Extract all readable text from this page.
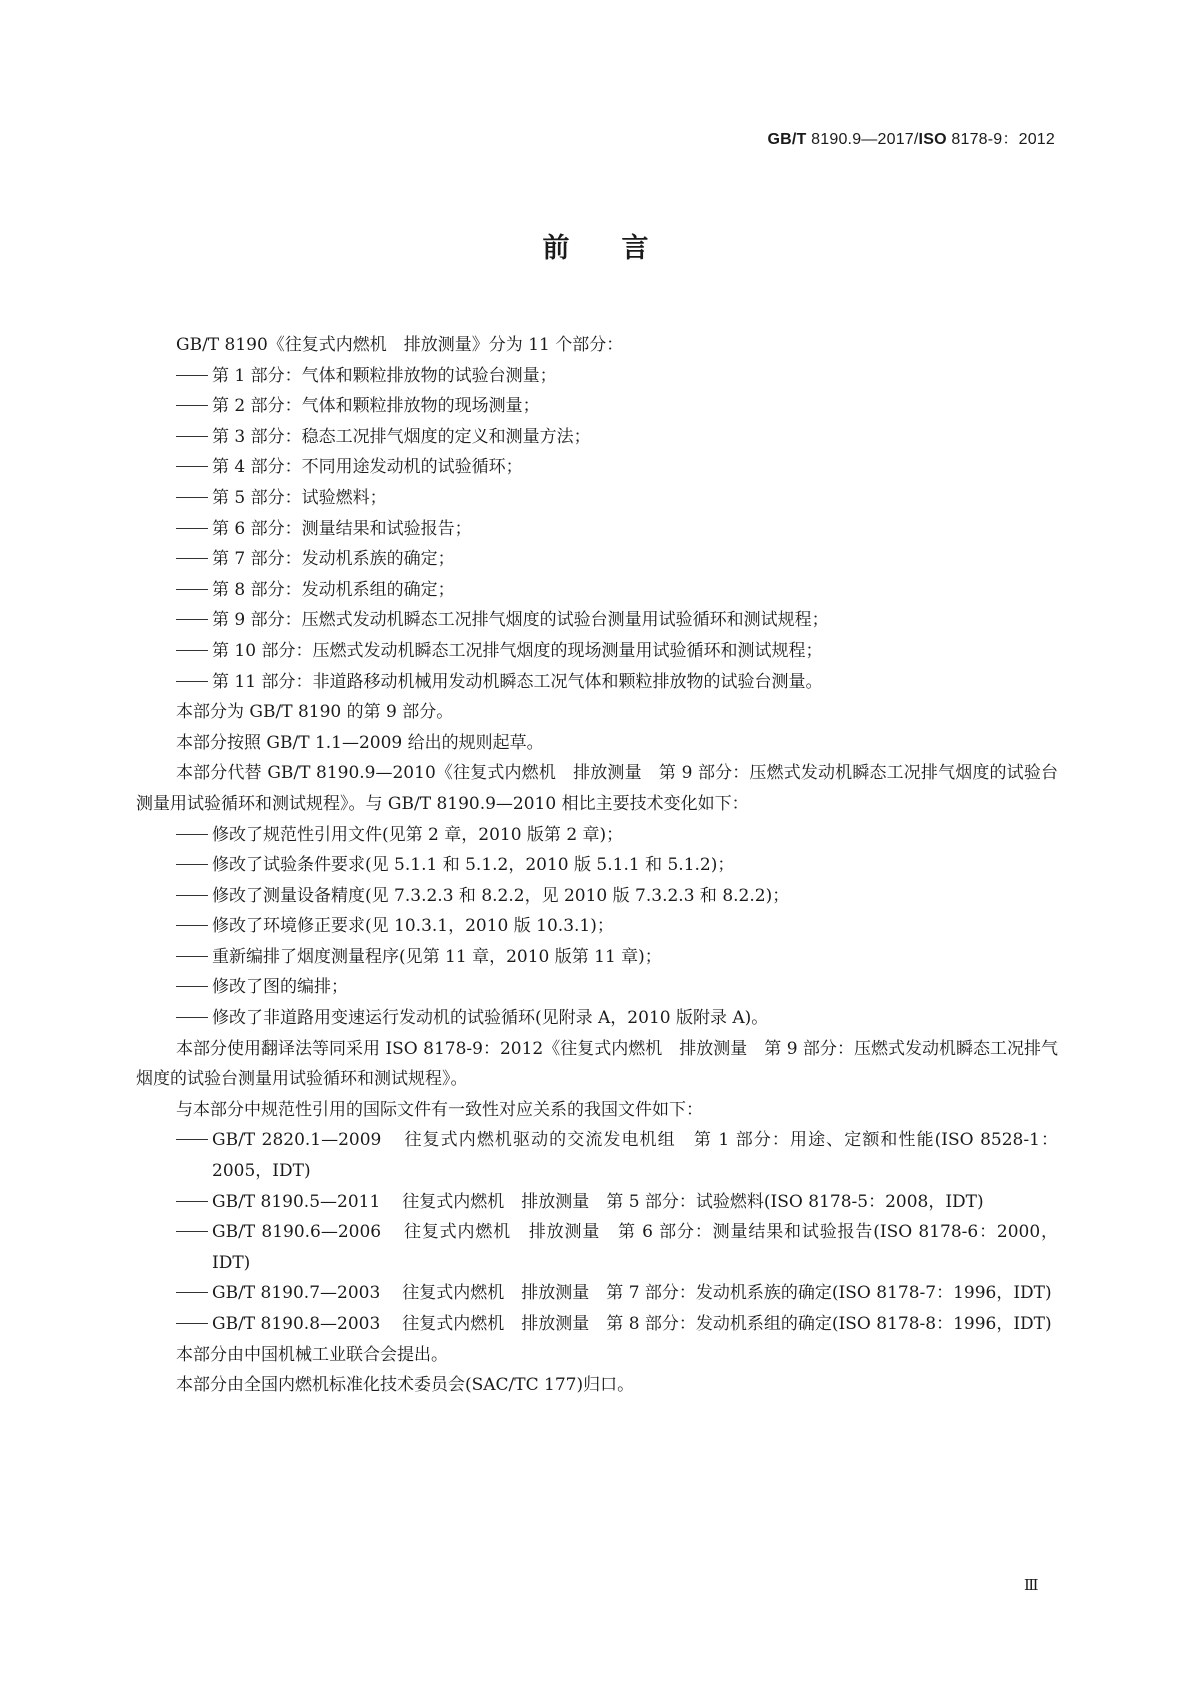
GB/T 8190.9—2017/ISO 8178-9：2012
前言
GB/T 8190《往复式内燃机　排放测量》分为 11 个部分：
第 1 部分：气体和颗粒排放物的试验台测量；
第 2 部分：气体和颗粒排放物的现场测量；
第 3 部分：稳态工况排气烟度的定义和测量方法；
第 4 部分：不同用途发动机的试验循环；
第 5 部分：试验燃料；
第 6 部分：测量结果和试验报告；
第 7 部分：发动机系族的确定；
第 8 部分：发动机系组的确定；
第 9 部分：压燃式发动机瞬态工况排气烟度的试验台测量用试验循环和测试规程；
第 10 部分：压燃式发动机瞬态工况排气烟度的现场测量用试验循环和测试规程；
第 11 部分：非道路移动机械用发动机瞬态工况气体和颗粒排放物的试验台测量。
本部分为 GB/T 8190 的第 9 部分。
本部分按照 GB/T 1.1—2009 给出的规则起草。
本部分代替 GB/T 8190.9—2010《往复式内燃机　排放测量　第 9 部分：压燃式发动机瞬态工况排气烟度的试验台测量用试验循环和测试规程》。与 GB/T 8190.9—2010 相比主要技术变化如下：
修改了规范性引用文件(见第 2 章，2010 版第 2 章)；
修改了试验条件要求(见 5.1.1 和 5.1.2，2010 版 5.1.1 和 5.1.2)；
修改了测量设备精度(见 7.3.2.3 和 8.2.2，见 2010 版 7.3.2.3 和 8.2.2)；
修改了环境修正要求(见 10.3.1，2010 版 10.3.1)；
重新编排了烟度测量程序(见第 11 章，2010 版第 11 章)；
修改了图的编排；
修改了非道路用变速运行发动机的试验循环(见附录 A，2010 版附录 A)。
本部分使用翻译法等同采用 ISO 8178-9：2012《往复式内燃机　排放测量　第 9 部分：压燃式发动机瞬态工况排气烟度的试验台测量用试验循环和测试规程》。
与本部分中规范性引用的国际文件有一致性对应关系的我国文件如下：
GB/T 2820.1—2009 往复式内燃机驱动的交流发电机组　第 1 部分：用途、定额和性能(ISO 8528-1：2005，IDT)
GB/T 8190.5—2011 往复式内燃机　排放测量　第 5 部分：试验燃料(ISO 8178-5：2008，IDT)
GB/T 8190.6—2006 往复式内燃机　排放测量　第 6 部分：测量结果和试验报告(ISO 8178-6：2000，IDT)
GB/T 8190.7—2003 往复式内燃机　排放测量　第 7 部分：发动机系族的确定(ISO 8178-7：1996，IDT)
GB/T 8190.8—2003 往复式内燃机　排放测量　第 8 部分：发动机系组的确定(ISO 8178-8：1996，IDT)
本部分由中国机械工业联合会提出。
本部分由全国内燃机标准化技术委员会(SAC/TC 177)归口。
Ⅲ
